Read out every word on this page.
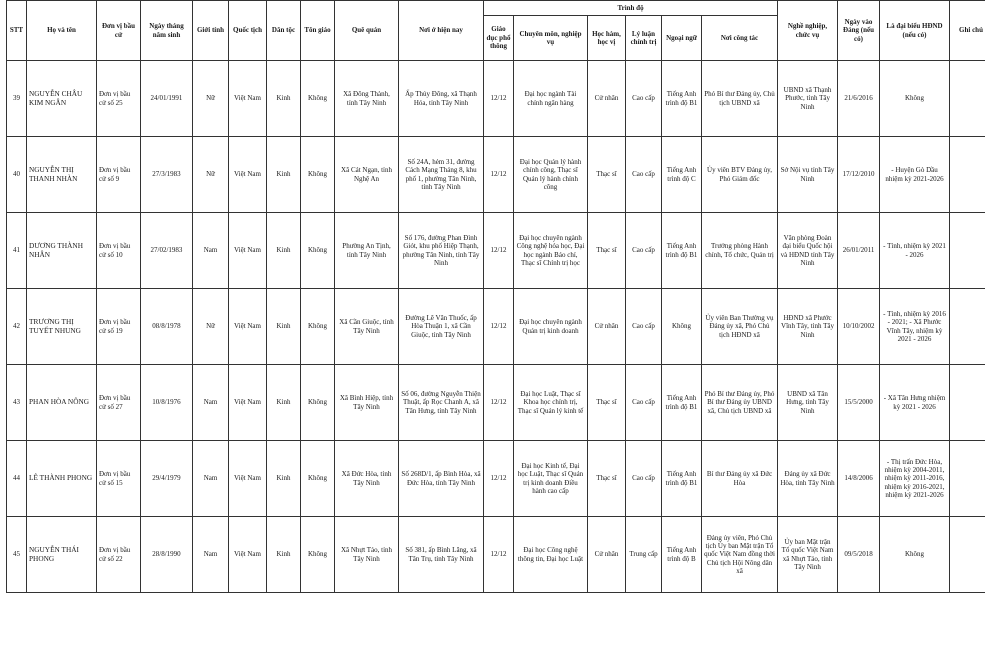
STT	Họ và tên	Đơn vị bầu cử	Ngày tháng năm sinh	Giới tính	Quốc tịch	Dân tộc	Tôn giáo	Quê quán	Nơi ở hiện nay	Trình độ						Nghề nghiệp, chức vụ	Ngày vào Đảng (nếu có)	Là đại biểu HĐND (nếu có)	Ghi chú
										Giáo dục phổ thông	Chuyên môn, nghiệp vụ	Học hàm, học vị	Lý luận chính trị	Ngoại ngữ	Nơi công tác				
39	NGUYỄN CHÂU KIM NGÂN	Đơn vị bầu cử số 25	24/01/1991	Nữ	Việt Nam	Kinh	Không	Xã Đông Thành, tỉnh Tây Ninh	Ấp Thủy Đông, xã Thạnh Hóa, tỉnh Tây Ninh	12/12	Đại học ngành Tài chính ngân hàng	Cử nhân	Cao cấp	Tiếng Anh trình độ B1	Phó Bí thư Đảng ủy, Chủ tịch UBND xã	UBND xã Thạnh Phước, tỉnh Tây Ninh	21/6/2016	Không	
40	NGUYỄN THỊ THANH NHÀN	Đơn vị bầu cử số 9	27/3/1983	Nữ	Việt Nam	Kinh	Không	Xã Cát Ngạn, tỉnh Nghệ An	Số 24A, hẻm 31, đường Cách Mạng Tháng 8, khu phố 1, phường Tân Ninh, tỉnh Tây Ninh	12/12	Đại học Quản lý hành chính công, Thạc sĩ Quản lý hành chính công	Thạc sĩ	Cao cấp	Tiếng Anh trình độ C	Ủy viên BTV Đảng ủy, Phó Giám đốc	Sở Nội vụ tỉnh Tây Ninh	17/12/2010	- Huyện Gò Dầu nhiệm kỳ 2021-2026	
41	DƯƠNG THÀNH NHÂN	Đơn vị bầu cử số 10	27/02/1983	Nam	Việt Nam	Kinh	Không	Phường An Tịnh, tỉnh Tây Ninh	Số 176, đường Phan Đình Giót, khu phố Hiệp Thạnh, phường Tân Ninh, tỉnh Tây Ninh	12/12	Đại học chuyên ngành Công nghệ hóa học, Đại học ngành Báo chí, Thạc sĩ Chính trị học	Thạc sĩ	Cao cấp	Tiếng Anh trình độ B1	Trưởng phòng Hành chính, Tổ chức, Quản trị	Văn phòng Đoàn đại biểu Quốc hội và HĐND tỉnh Tây Ninh	26/01/2011	- Tỉnh, nhiệm kỳ 2021 - 2026	
42	TRƯƠNG THỊ TUYẾT NHUNG	Đơn vị bầu cử số 19	08/8/1978	Nữ	Việt Nam	Kinh	Không	Xã Cần Giuộc, tỉnh Tây Ninh	Đường Lê Văn Thuốc, ấp Hòa Thuận 1, xã Cần Giuộc, tỉnh Tây Ninh	12/12	Đại học chuyên ngành Quản trị kinh doanh	Cử nhân	Cao cấp	Không	Ủy viên Ban Thường vụ Đảng ủy xã, Phó Chủ tịch HĐND xã	HĐND xã Phước Vĩnh Tây, tỉnh Tây Ninh	10/10/2002	- Tỉnh, nhiệm kỳ 2016 - 2021; - Xã Phước Vĩnh Tây, nhiệm kỳ 2021 - 2026	
43	PHAN HÒA NÔNG	Đơn vị bầu cử số 27	10/8/1976	Nam	Việt Nam	Kinh	Không	Xã Bình Hiệp, tỉnh Tây Ninh	Số 06, đường Nguyễn Thiện Thuật, ấp Rọc Chanh A, xã Tân Hưng, tỉnh Tây Ninh	12/12	Đại học Luật, Thạc sĩ Khoa học chính trị, Thạc sĩ Quản lý kinh tế	Thạc sĩ	Cao cấp	Tiếng Anh trình độ B1	Phó Bí thư Đảng ủy, Phó Bí thư Đảng ủy UBND xã, Chủ tịch UBND xã	UBND xã Tân Hưng, tỉnh Tây Ninh	15/5/2000	- Xã Tân Hưng nhiệm kỳ 2021 - 2026	
44	LÊ THÀNH PHONG	Đơn vị bầu cử số 15	29/4/1979	Nam	Việt Nam	Kinh	Không	Xã Đức Hòa, tỉnh Tây Ninh	Số 268D/1, ấp Bình Hòa, xã Đức Hòa, tỉnh Tây Ninh	12/12	Đại học Kinh tế, Đại học Luật, Thạc sĩ Quản trị kinh doanh Điều hành cao cấp	Thạc sĩ	Cao cấp	Tiếng Anh trình độ B1	Bí thư Đảng ủy xã Đức Hòa	Đảng ủy xã Đức Hòa, tỉnh Tây Ninh	14/8/2006	- Thị trấn Đức Hòa, nhiệm kỳ 2004-2011, nhiệm kỳ 2011-2016, nhiệm kỳ 2016-2021, nhiệm kỳ 2021-2026	
45	NGUYỄN THÁI PHONG	Đơn vị bầu cử số 22	28/8/1990	Nam	Việt Nam	Kinh	Không	Xã Nhựt Tảo, tỉnh Tây Ninh	Số 381, ấp Bình Lăng, xã Tân Trụ, tỉnh Tây Ninh	12/12	Đại học Công nghệ thông tin, Đại học Luật	Cử nhân	Trung cấp	Tiếng Anh trình độ B	Đảng ủy viên, Phó Chủ tịch Ủy ban Mặt trận Tổ quốc Việt Nam đồng thời Chủ tịch Hội Nông dân xã	Ủy ban Mặt trận Tổ quốc Việt Nam xã Nhựt Tảo, tỉnh Tây Ninh	09/5/2018	Không	
